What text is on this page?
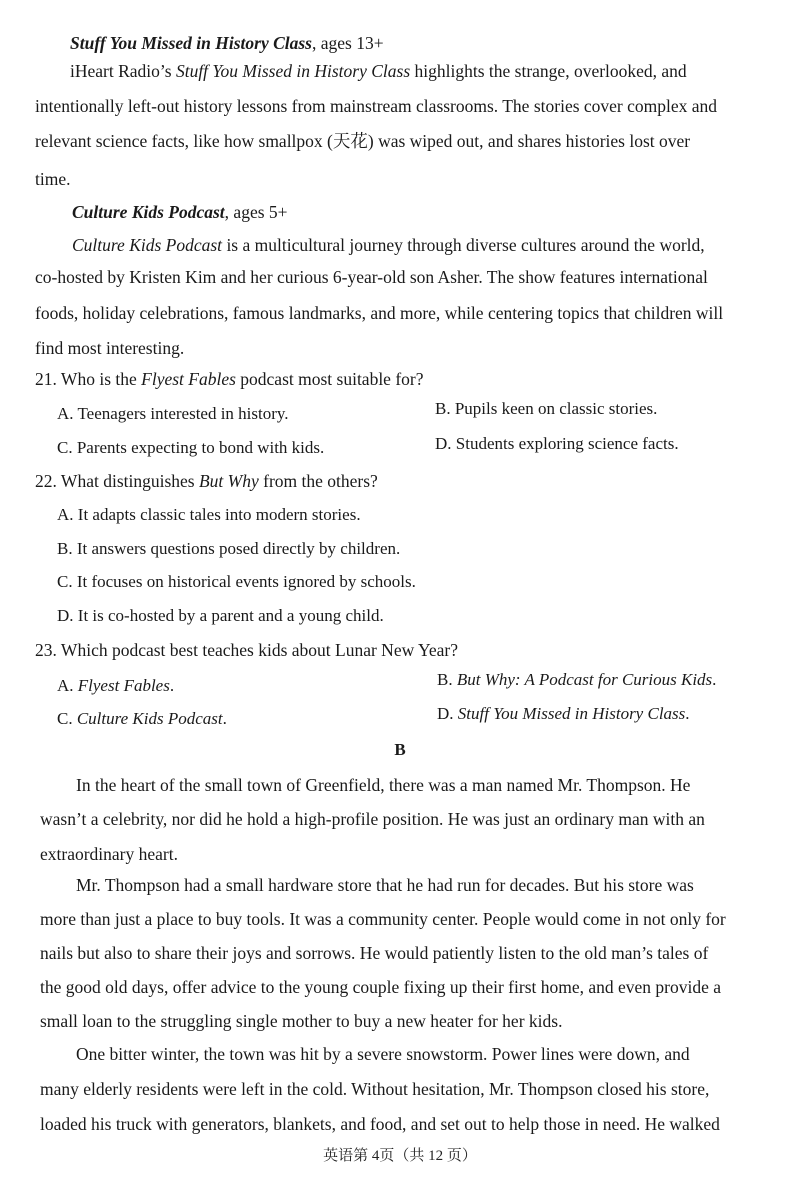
Stuff You Missed in History Class, ages 13+
iHeart Radio’s Stuff You Missed in History Class highlights the strange, overlooked, and
intentionally left-out history lessons from mainstream classrooms. The stories cover complex and
relevant science facts, like how smallpox (天花) was wiped out, and shares histories lost over
time.
Culture Kids Podcast, ages 5+
Culture Kids Podcast is a multicultural journey through diverse cultures around the world,
co-hosted by Kristen Kim and her curious 6-year-old son Asher. The show features international
foods, holiday celebrations, famous landmarks, and more, while centering topics that children will
find most interesting.
21. Who is the Flyest Fables podcast most suitable for?
A. Teenagers interested in history.	B. Pupils keen on classic stories.
C. Parents expecting to bond with kids.	D. Students exploring science facts.
22. What distinguishes But Why from the others?
A. It adapts classic tales into modern stories.
B. It answers questions posed directly by children.
C. It focuses on historical events ignored by schools.
D. It is co-hosted by a parent and a young child.
23. Which podcast best teaches kids about Lunar New Year?
A. Flyest Fables.	B. But Why: A Podcast for Curious Kids.
C. Culture Kids Podcast.	D. Stuff You Missed in History Class.
B
In the heart of the small town of Greenfield, there was a man named Mr. Thompson. He
wasn’t a celebrity, nor did he hold a high-profile position. He was just an ordinary man with an
extraordinary heart.
Mr. Thompson had a small hardware store that he had run for decades. But his store was
more than just a place to buy tools. It was a community center. People would come in not only for
nails but also to share their joys and sorrows. He would patiently listen to the old man’s tales of
the good old days, offer advice to the young couple fixing up their first home, and even provide a
small loan to the struggling single mother to buy a new heater for her kids.
One bitter winter, the town was hit by a severe snowstorm. Power lines were down, and
many elderly residents were left in the cold. Without hesitation, Mr. Thompson closed his store,
loaded his truck with generators, blankets, and food, and set out to help those in need. He walked
英语第 4页（共 12 页）
